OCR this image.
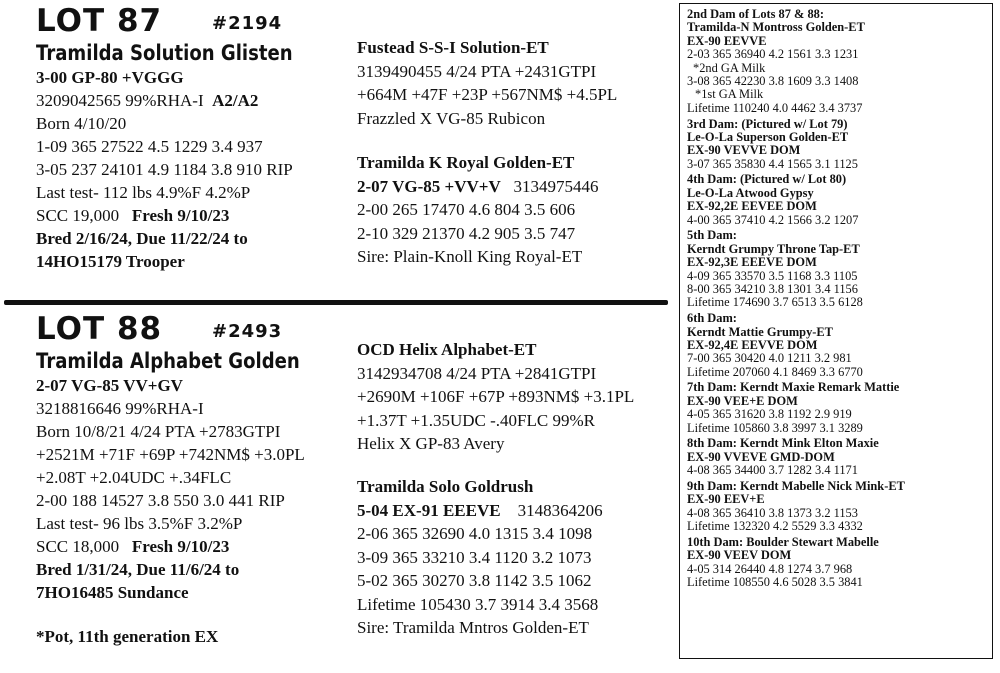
LOT 87	#2194
Tramilda Solution Glisten
3-00 GP-80 +VGGG
3209042565 99%RHA-I A2/A2
Born 4/10/20
1-09 365 27522 4.5 1229 3.4 937
3-05 237 24101 4.9 1184 3.8 910 RIP
Last test- 112 lbs 4.9%F 4.2%P
SCC 19,000 Fresh 9/10/23
Bred 2/16/24, Due 11/22/24 to
14HO15179 Trooper
Fustead S-S-I Solution-ET
3139490455 4/24 PTA +2431GTPI
+664M +47F +23P +567NM$ +4.5PL
Frazzled X VG-85 Rubicon
Tramilda K Royal Golden-ET
2-07 VG-85 +VV+V 3134975446
2-00 265 17470 4.6 804 3.5 606
2-10 329 21370 4.2 905 3.5 747
Sire: Plain-Knoll King Royal-ET
LOT 88	#2493
Tramilda Alphabet Golden
2-07 VG-85 VV+GV
3218816646 99%RHA-I
Born 10/8/21 4/24 PTA +2783GTPI
+2521M +71F +69P +742NM$ +3.0PL
+2.08T +2.04UDC +.34FLC
2-00 188 14527 3.8 550 3.0 441 RIP
Last test- 96 lbs 3.5%F 3.2%P
SCC 18,000 Fresh 9/10/23
Bred 1/31/24, Due 11/6/24 to
7HO16485 Sundance
*Pot, 11th generation EX
OCD Helix Alphabet-ET
3142934708 4/24 PTA +2841GTPI
+2690M +106F +67P +893NM$ +3.1PL
+1.37T +1.35UDC -.40FLC 99%R
Helix X GP-83 Avery
Tramilda Solo Goldrush
5-04 EX-91 EEEVE 3148364206
2-06 365 32690 4.0 1315 3.4 1098
3-09 365 33210 3.4 1120 3.2 1073
5-02 365 30270 3.8 1142 3.5 1062
Lifetime 105430 3.7 3914 3.4 3568
Sire: Tramilda Mntros Golden-ET
2nd Dam of Lots 87 & 88:
Tramilda-N Montross Golden-ET
EX-90 EEVVE
2-03 365 36940 4.2 1561 3.3 1231
*2nd GA Milk
3-08 365 42230 3.8 1609 3.3 1408
*1st GA Milk
Lifetime 110240 4.0 4462 3.4 3737
3rd Dam: (Pictured w/ Lot 79)
Le-O-La Superson Golden-ET
EX-90 VEVVE DOM
3-07 365 35830 4.4 1565 3.1 1125
4th Dam: (Pictured w/ Lot 80)
Le-O-La Atwood Gypsy
EX-92,2E EEVEE DOM
4-00 365 37410 4.2 1566 3.2 1207
5th Dam:
Kerndt Grumpy Throne Tap-ET
EX-92,3E EEEVE DOM
4-09 365 33570 3.5 1168 3.3 1105
8-00 365 34210 3.8 1301 3.4 1156
Lifetime 174690 3.7 6513 3.5 6128
6th Dam:
Kerndt Mattie Grumpy-ET
EX-92,4E EEVVE DOM
7-00 365 30420 4.0 1211 3.2 981
Lifetime 207060 4.1 8469 3.3 6770
7th Dam: Kerndt Maxie Remark Mattie
EX-90 VEE+E DOM
4-05 365 31620 3.8 1192 2.9 919
Lifetime 105860 3.8 3997 3.1 3289
8th Dam: Kerndt Mink Elton Maxie
EX-90 VVEVE GMD-DOM
4-08 365 34400 3.7 1282 3.4 1171
9th Dam: Kerndt Mabelle Nick Mink-ET
EX-90 EEV+E
4-08 365 36410 3.8 1373 3.2 1153
Lifetime 132320 4.2 5529 3.3 4332
10th Dam: Boulder Stewart Mabelle
EX-90 VEEV DOM
4-05 314 26440 4.8 1274 3.7 968
Lifetime 108550 4.6 5028 3.5 3841
